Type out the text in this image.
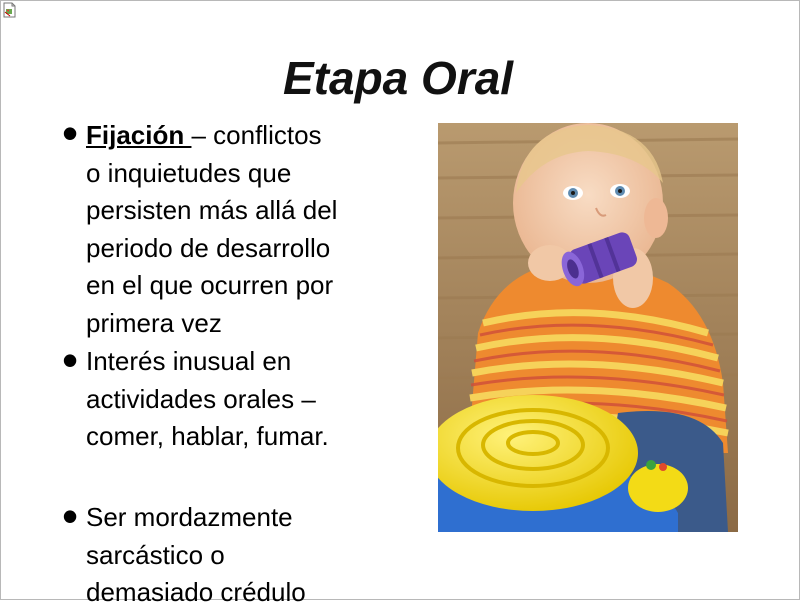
Etapa Oral
• Fijación – conflictos
o inquietudes que
persisten más allá del
periodo de desarrollo
en el que ocurren por
primera vez
• Interés inusual en
actividades orales –
comer, hablar, fumar.
• Ser mordazmente
sarcástico o
demasiado crédulo
